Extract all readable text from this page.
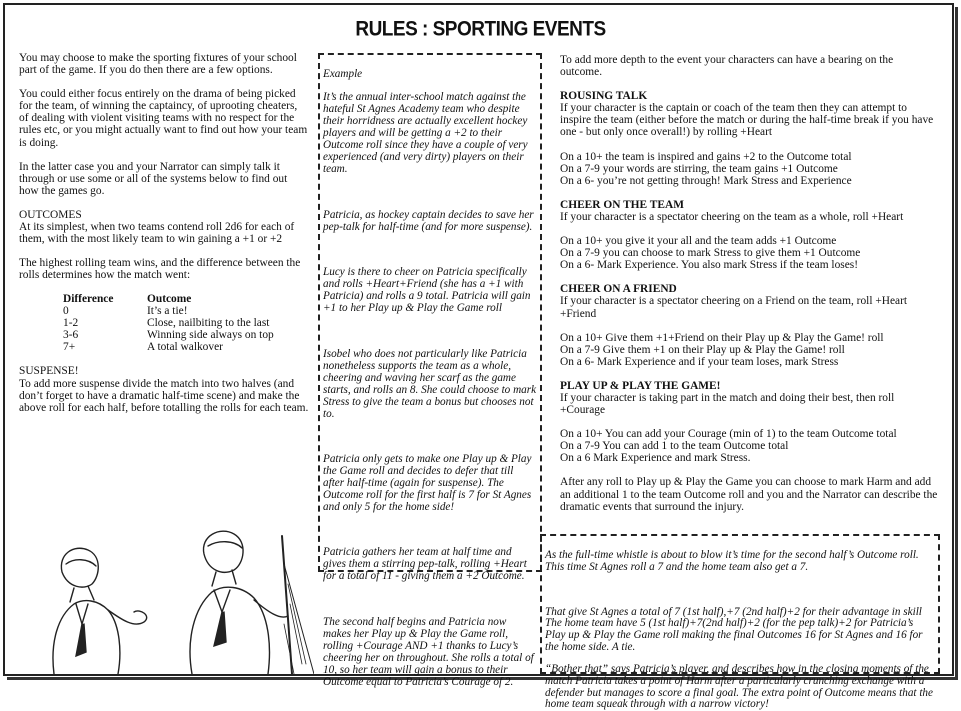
RULES : SPORTING EVENTS

You may choose to make the sporting fixtures of your school part of the game. If you do then there are a few options.

You could either focus entirely on the drama of being picked for the team, of winning the captaincy, of uprooting cheaters, of dealing with violent visiting teams with no respect for the rules etc, or you might actually want to find out how your team is doing.

In the latter case you and your Narrator can simply talk it through or use some or all of the systems below to find out how the games go.

OUTCOMES

At its simplest, when two teams contend roll 2d6 for each of them, with the most likely team to win gaining a +1 or +2

The highest rolling team wins, and the difference between the rolls determines how the match went:

Difference	Outcome
0	It’s a tie!
1-2	Close, nailbiting to the last
3-6	Winning side always on top
7+	A total walkover

SUSPENSE!

To add more suspense divide the match into two halves (and don’t forget to have a dramatic half-time scene) and make the above roll for each half, before totalling the rolls for each team.

Example

It’s the annual inter-school match against the hateful St Agnes Academy team who despite their horridness are actually excellent hockey players and will be getting a +2 to their Outcome roll since they have a couple of very experienced (and very dirty) players on their team.

Patricia, as hockey captain decides to save her pep-talk for half-time (and for more suspense).

Lucy is there to cheer on Patricia specifically and rolls +Heart+Friend (she has a +1 with Patricia) and rolls a 9 total. Patricia will gain +1 to her Play up & Play the Game roll

Isobel who does not particularly like Patricia nonetheless supports the team as a whole, cheering and waving her scarf as the game starts, and rolls an 8. She could choose to mark Stress to give the team a bonus but chooses not to.

Patricia only gets to make one Play up & Play the Game roll and decides to defer that till after half-time (again for suspense). The Outcome roll for the first half is 7 for St Agnes and only 5 for the home side!

Patricia gathers her team at half time and gives them a stirring pep-talk, rolling +Heart for a total of 11 - giving them a +2 Outcome.

The second half begins and Patricia now makes her Play up & Play the Game roll, rolling +Courage AND +1 thanks to Lucy’s cheering her on throughout. She rolls a total of 10, so her team will gain a bonus to their Outcome equal to Patricia’s Courage of 2.

To add more depth to the event your characters can have a bearing on the outcome.

ROUSING TALK

If your character is the captain or coach of the team then they can attempt to inspire the team (either before the match or during the half-time break if you have one - but only once overall!) by rolling +Heart

On a 10+ the team is inspired and gains +2 to the Outcome total

On a 7-9 your words are stirring, the team gains +1 Outcome

On a 6- you’re not getting through! Mark Stress and Experience

CHEER ON THE TEAM

If your character is a spectator cheering on the team as a whole, roll +Heart

On a 10+ you give it your all and the team adds +1 Outcome

On a 7-9 you can choose to mark Stress to give them +1 Outcome

On a 6- Mark Experience. You also mark Stress if the team loses!

CHEER ON A FRIEND

If your character is a spectator cheering on a Friend on the team, roll +Heart +Friend

On a 10+ Give them +1+Friend on their Play up & Play the Game! roll

On a 7-9 Give them +1 on their Play up & Play the Game! roll

On a 6- Mark Experience and if your team loses, mark Stress

PLAY UP & PLAY THE GAME!

If your character is taking part in the match and doing their best, then roll +Courage

On a 10+ You can add your Courage (min of 1) to the team Outcome total

On a 7-9 You can add 1 to the team Outcome total

On a 6 Mark Experience and mark Stress.

After any roll to Play up & Play the Game you can choose to mark Harm and add an additional 1 to the team Outcome roll and you and the Narrator can describe the dramatic events that surround the injury.

As the full-time whistle is about to blow it’s time for the second half’s Outcome roll. This time St Agnes roll a 7 and the home team also get a 7.

That give St Agnes a total of 7 (1st half),+7 (2nd half)+2 for their advantage in skill The home team have 5 (1st half)+7(2nd half)+2 (for the pep talk)+2 for Patricia’s Play up & Play the Game roll making the final Outcomes 16 for St Agnes and 16 for the home side. A tie.

“Bother that” says Patricia’s player, and describes how in the closing moments of the match Patricia takes a point of Harm after a particularly crunching exchange with a defender but manages to score a final goal. The extra point of Outcome means that the home team squeak through with a narrow victory!
